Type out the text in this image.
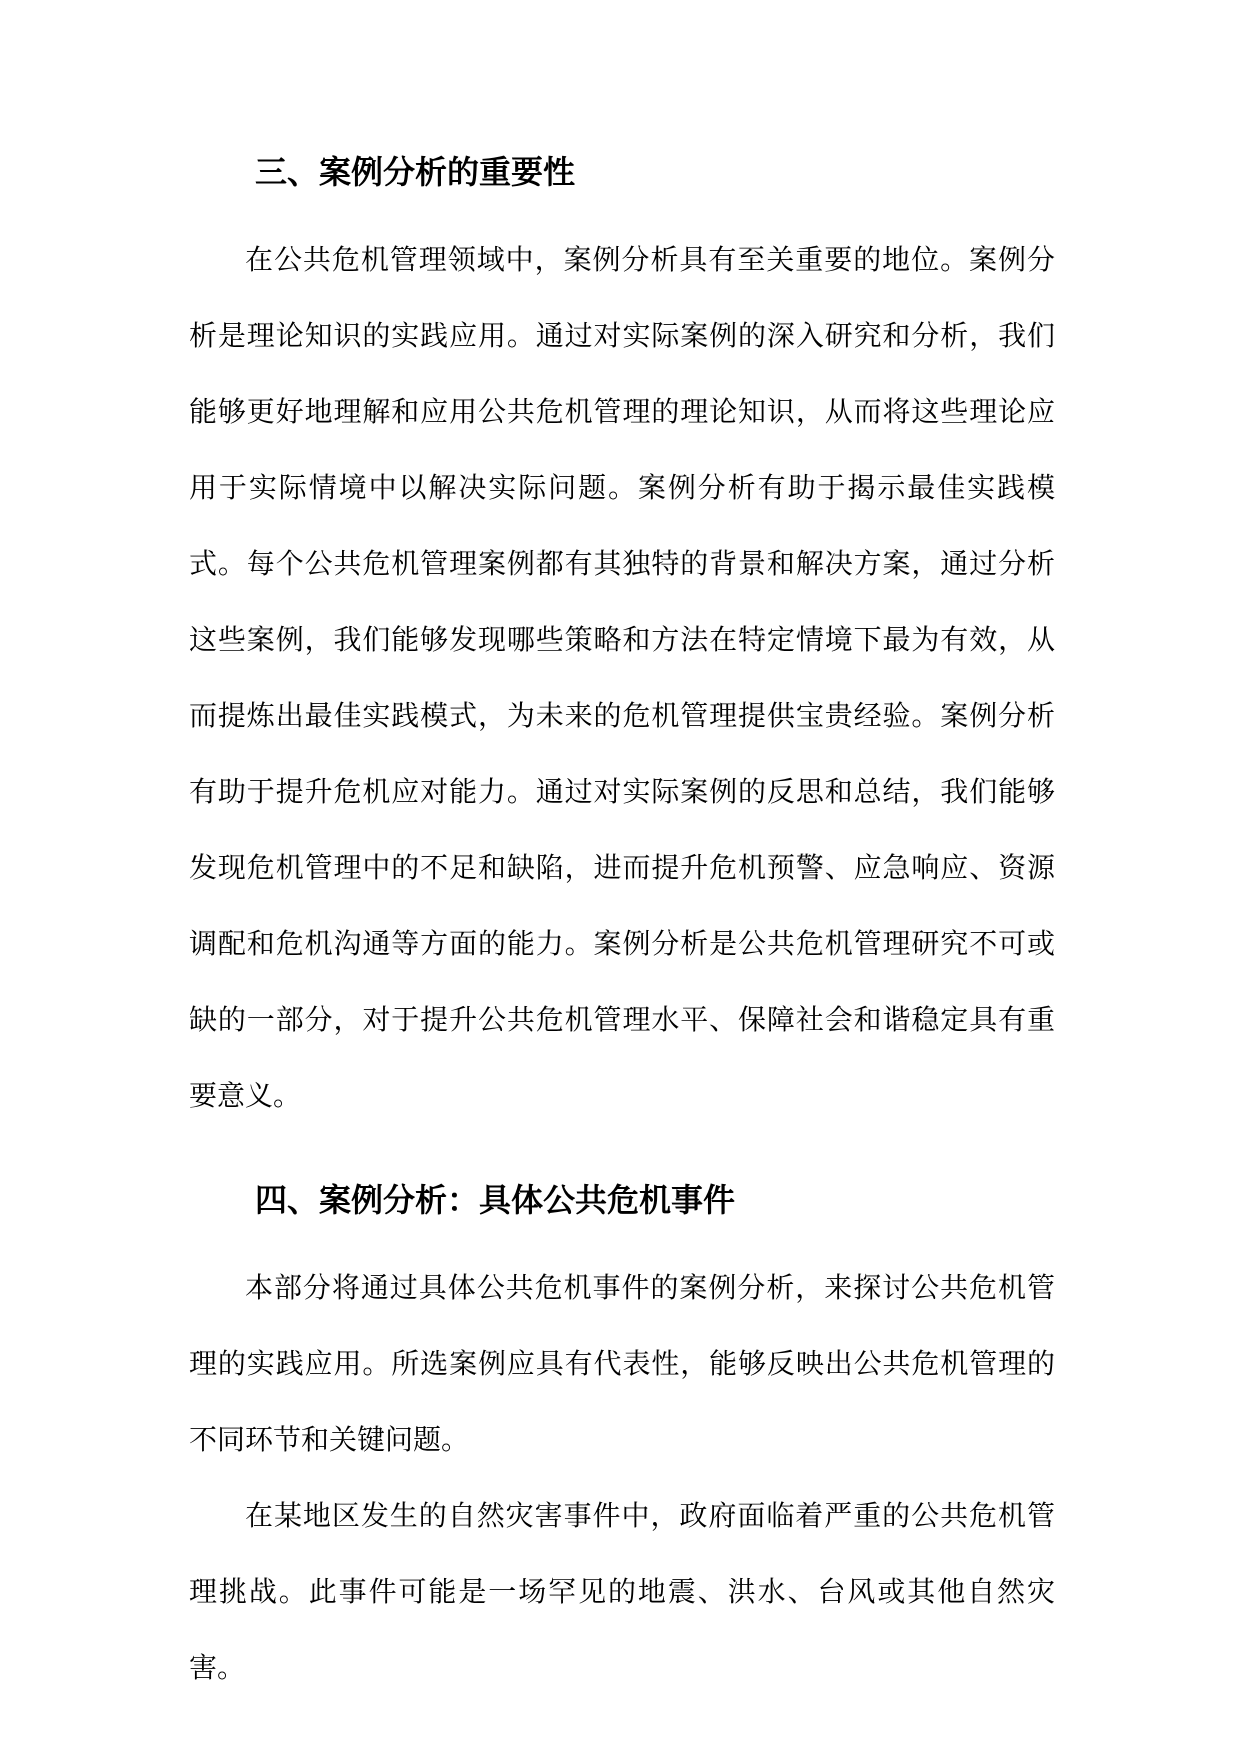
三、案例分析的重要性

在公共危机管理领域中，案例分析具有至关重要的地位。案例分析是理论知识的实践应用。通过对实际案例的深入研究和分析，我们能够更好地理解和应用公共危机管理的理论知识，从而将这些理论应用于实际情境中以解决实际问题。案例分析有助于揭示最佳实践模式。每个公共危机管理案例都有其独特的背景和解决方案，通过分析这些案例，我们能够发现哪些策略和方法在特定情境下最为有效，从而提炼出最佳实践模式，为未来的危机管理提供宝贵经验。案例分析有助于提升危机应对能力。通过对实际案例的反思和总结，我们能够发现危机管理中的不足和缺陷，进而提升危机预警、应急响应、资源调配和危机沟通等方面的能力。案例分析是公共危机管理研究不可或缺的一部分，对于提升公共危机管理水平、保障社会和谐稳定具有重要意义。

四、案例分析：具体公共危机事件

本部分将通过具体公共危机事件的案例分析，来探讨公共危机管理的实践应用。所选案例应具有代表性，能够反映出公共危机管理的不同环节和关键问题。

在某地区发生的自然灾害事件中，政府面临着严重的公共危机管理挑战。此事件可能是一场罕见的地震、洪水、台风或其他自然灾害。
